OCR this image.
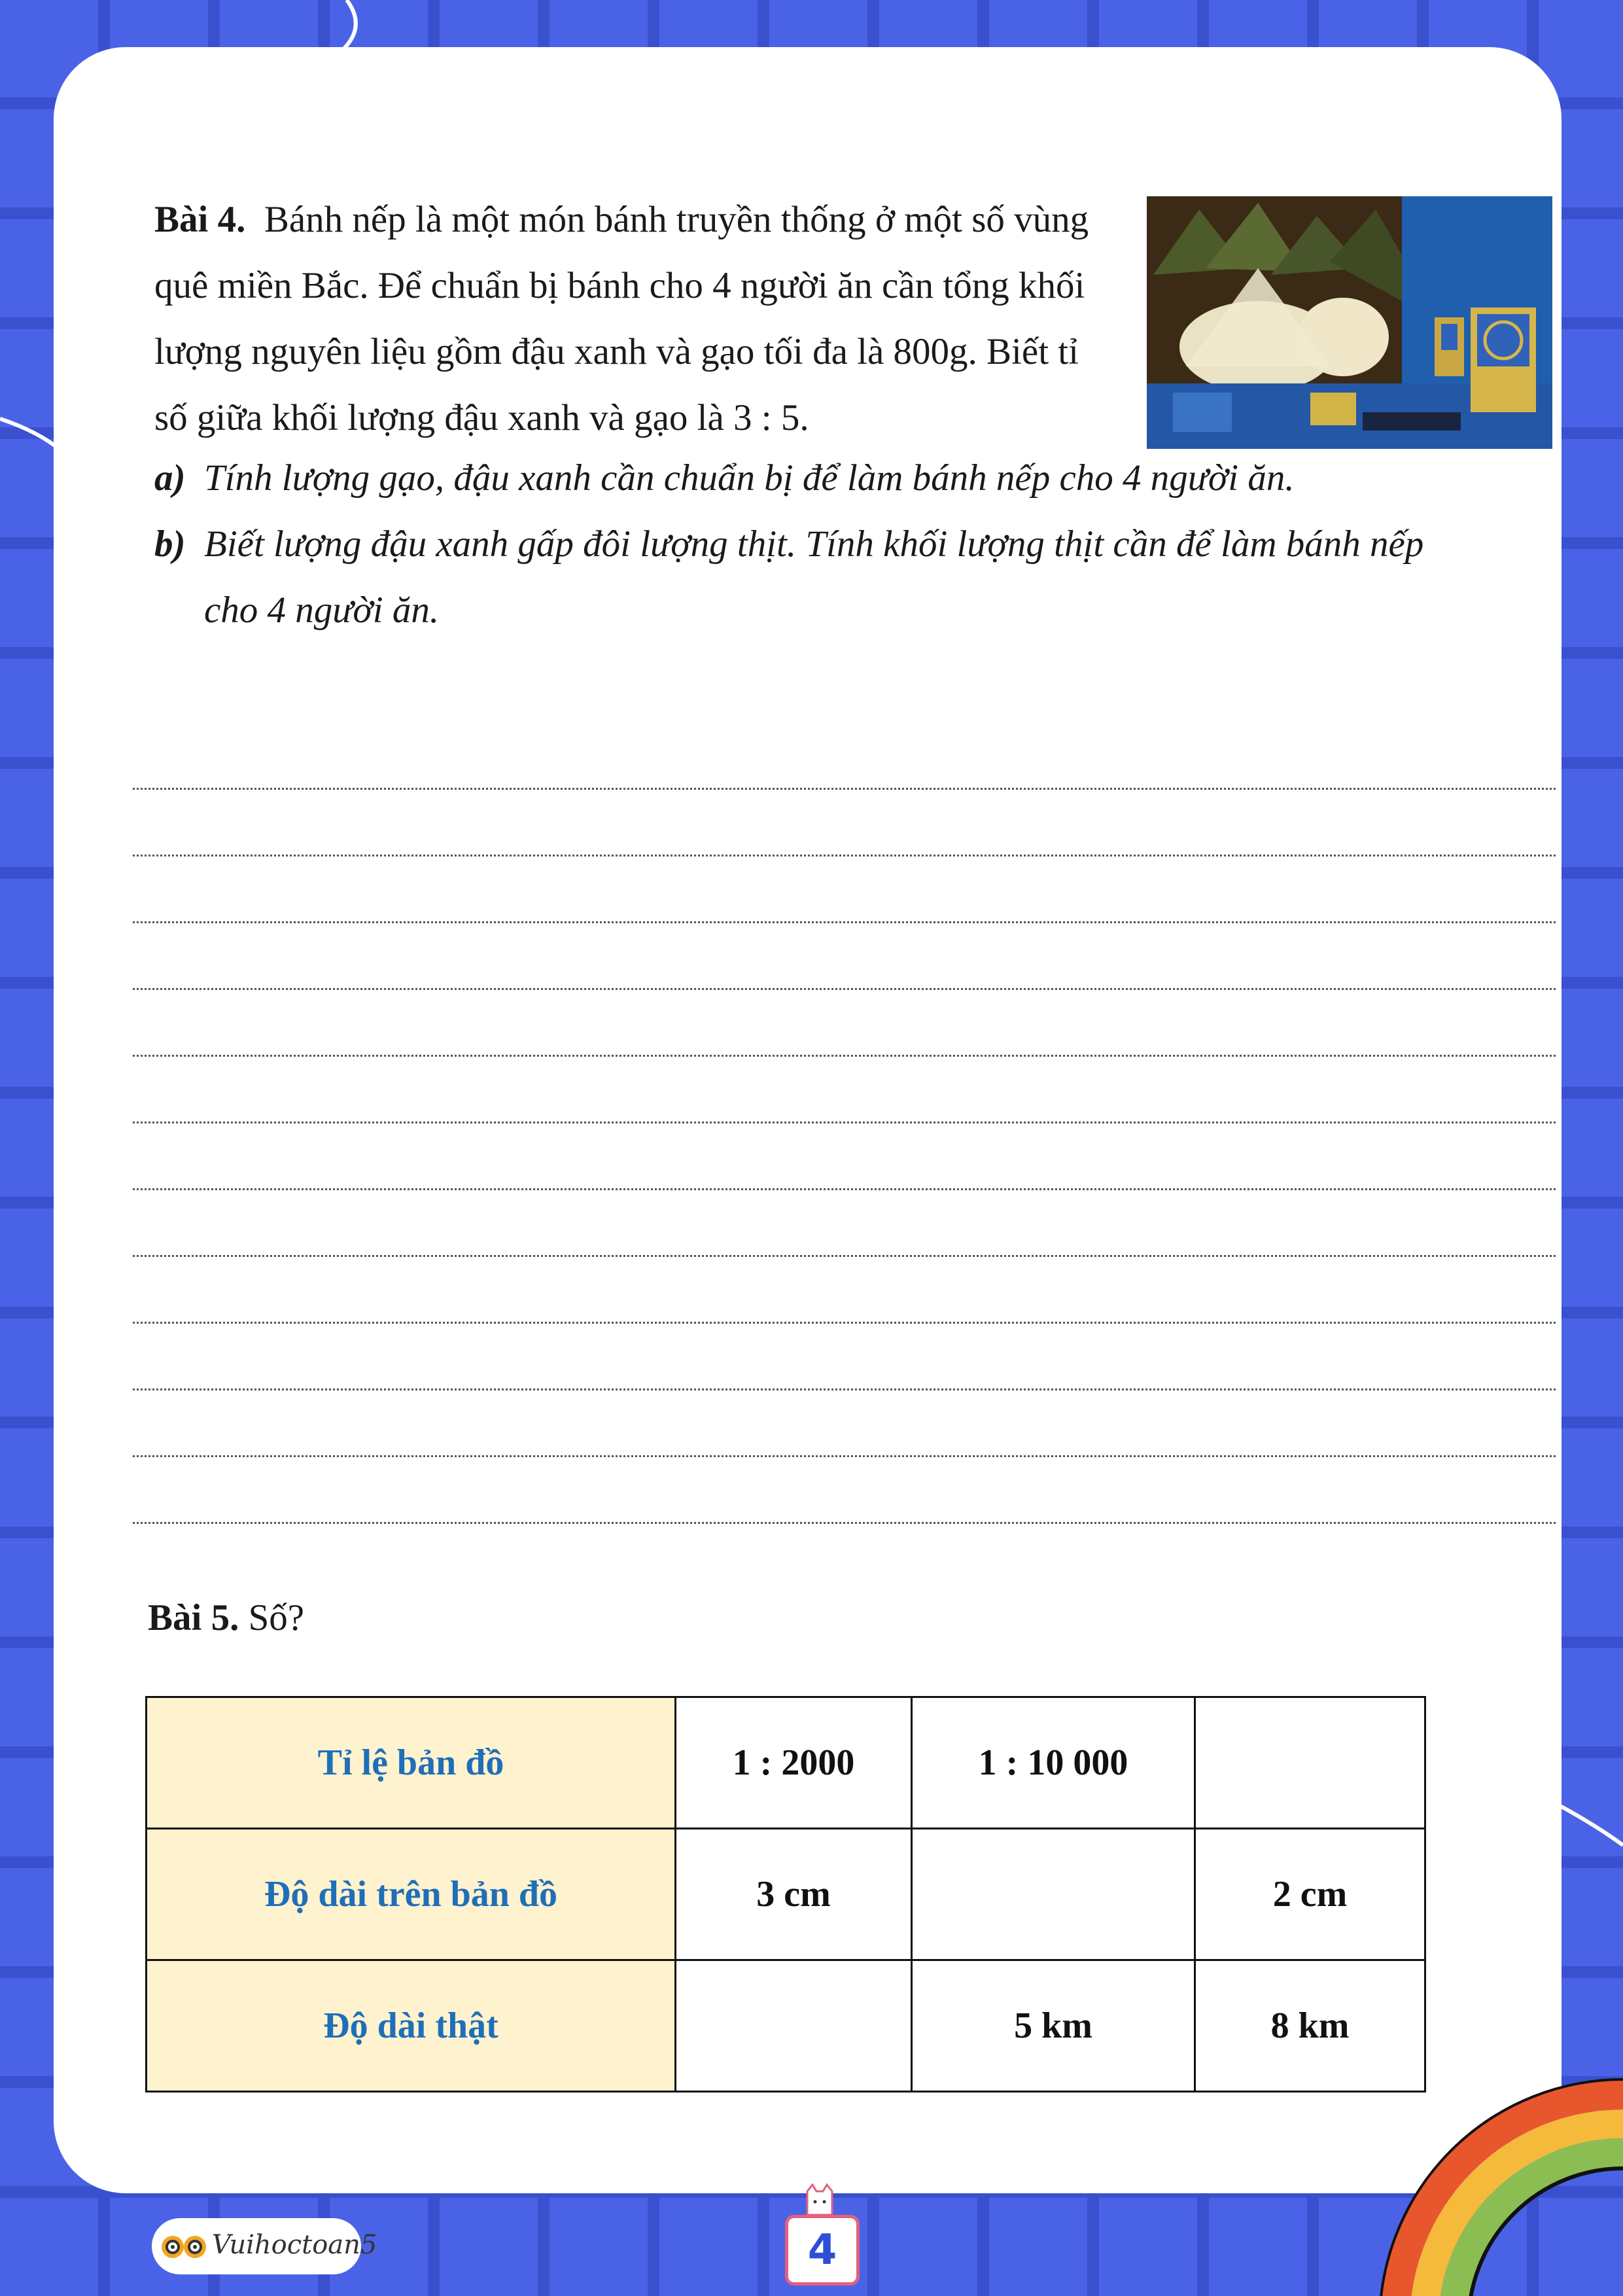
Bài 4. Bánh nếp là một món bánh truyền thống ở một số vùng
quê miền Bắc. Để chuẩn bị bánh cho 4 người ăn cần tổng khối
lượng nguyên liệu gồm đậu xanh và gạo tối đa là 800g. Biết tỉ
số giữa khối lượng đậu xanh và gạo là 3 : 5.
a) Tính lượng gạo, đậu xanh cần chuẩn bị để làm bánh nếp cho 4 người ăn.
b) Biết lượng đậu xanh gấp đôi lượng thịt. Tính khối lượng thịt cần để làm bánh nếp
cho 4 người ăn.
Bài 5. Số?
Tỉ lệ bản đồ	1 : 2000	1 : 10 000	
Độ dài trên bản đồ	3 cm		2 cm
Độ dài thật		5 km	8 km
Vuihoctoan5	4
